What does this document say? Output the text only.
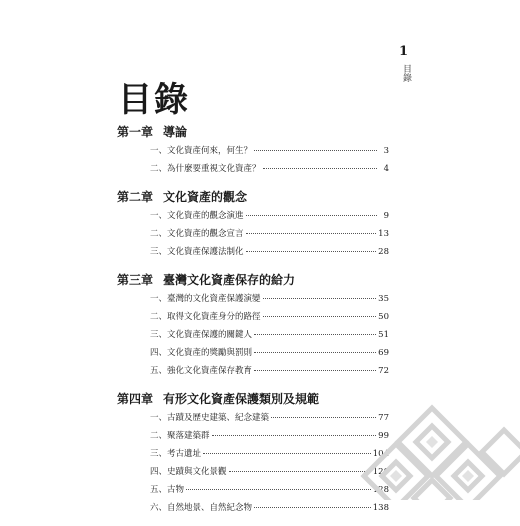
1
目錄
目錄
第一章 導論
一、文化資產何來，何生？	3
二、為什麼要重視文化資產？	4
第二章 文化資產的觀念
一、文化資產的觀念演進	9
二、文化資產的觀念宣言	13
三、文化資產保護法制化	28
第三章 臺灣文化資產保存的給力
一、臺灣的文化資產保護演變	35
二、取得文化資產身分的路徑	50
三、文化資產保護的關鍵人	51
四、文化資產的獎勵與罰則	69
五、強化文化資產保存教育	72
第四章 有形文化資產保護類別及規範
一、古蹟及歷史建築、紀念建築	77
二、聚落建築群	99
三、考古遺址	104
四、史蹟與文化景觀	120
五、古物	128
六、自然地景、自然紀念物	138
